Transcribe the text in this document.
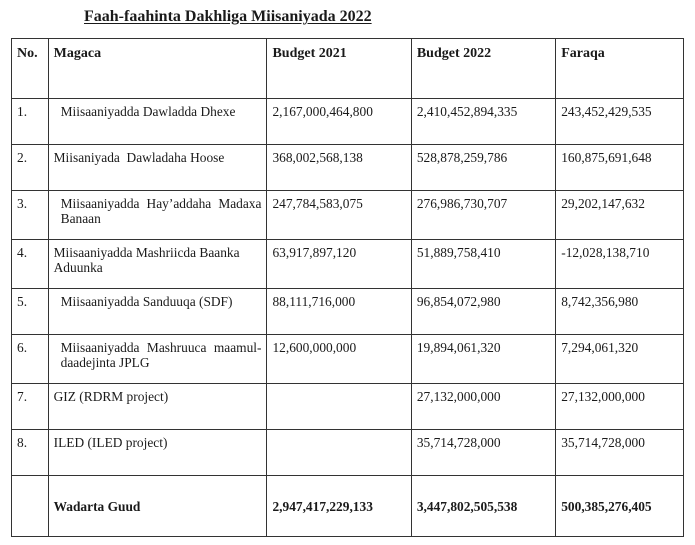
Faah-faahinta Dakhliga Miisaniyada 2022
No.	Magaca	Budget 2021	Budget 2022	Faraqa
1.	Miisaaniyadda Dawladda Dhexe	2,167,000,464,800	2,410,452,894,335	243,452,429,535
2.	Miisaniyada  Dawladaha Hoose	368,002,568,138	528,878,259,786	160,875,691,648
3.	Miisaaniyadda Hay’addaha Madaxa Banaan	247,784,583,075	276,986,730,707	29,202,147,632
4.	Miisaaniyadda Mashriicda Baanka Aduunka	63,917,897,120	51,889,758,410	-12,028,138,710
5.	Miisaaniyadda Sanduuqa (SDF)	88,111,716,000	96,854,072,980	8,742,356,980
6.	Miisaaniyadda Mashruuca maamul-daadejinta JPLG	12,600,000,000	19,894,061,320	7,294,061,320
7.	GIZ (RDRM project)		27,132,000,000	27,132,000,000
8.	ILED (ILED project)		35,714,728,000	35,714,728,000
	Wadarta Guud	2,947,417,229,133	3,447,802,505,538	500,385,276,405
